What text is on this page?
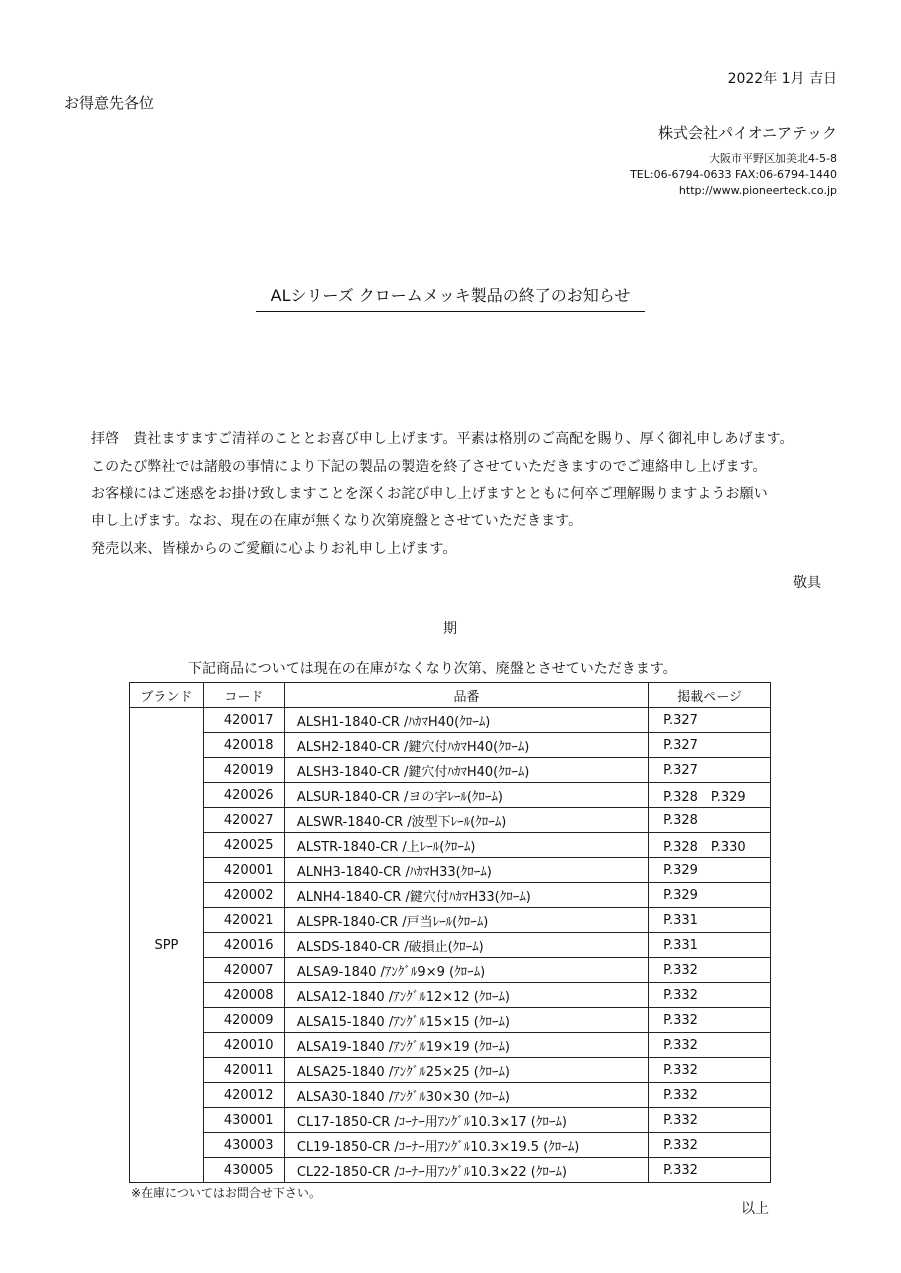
2022年 1月 吉日
お得意先各位
株式会社パイオニアテック
大阪市平野区加美北4-5-8
TEL:06-6794-0633 FAX:06-6794-1440
http://www.pioneerteck.co.jp
ALシリーズ クロームメッキ製品の終了のお知らせ
拝啓　貴社ますますご清祥のこととお喜び申し上げます。平素は格別のご高配を賜り、厚く御礼申しあげます。
このたび弊社では諸般の事情により下記の製品の製造を終了させていただきますのでご連絡申し上げます。
お客様にはご迷惑をお掛け致しますことを深くお詫び申し上げますとともに何卒ご理解賜りますようお願い
申し上げます。なお、現在の在庫が無くなり次第廃盤とさせていただきます。
発売以来、皆様からのご愛顧に心よりお礼申し上げます。
敬具
期
下記商品については現在の在庫がなくなり次第、廃盤とさせていただきます。
ブランド	コード	品番	掲載ページ
SPP	420017	ALSH1-1840-CR /ﾊｶﾏH40(ｸﾛｰﾑ)	P.327
	420018	ALSH2-1840-CR /鍵穴付ﾊｶﾏH40(ｸﾛｰﾑ)	P.327
	420019	ALSH3-1840-CR /鍵穴付ﾊｶﾏH40(ｸﾛｰﾑ)	P.327
	420026	ALSUR-1840-CR /ヨの字ﾚｰﾙ(ｸﾛｰﾑ)	P.328　P.329
	420027	ALSWR-1840-CR /波型下ﾚｰﾙ(ｸﾛｰﾑ)	P.328
	420025	ALSTR-1840-CR /上ﾚｰﾙ(ｸﾛｰﾑ)	P.328　P.330
	420001	ALNH3-1840-CR /ﾊｶﾏH33(ｸﾛｰﾑ)	P.329
	420002	ALNH4-1840-CR /鍵穴付ﾊｶﾏH33(ｸﾛｰﾑ)	P.329
	420021	ALSPR-1840-CR /戸当ﾚｰﾙ(ｸﾛｰﾑ)	P.331
	420016	ALSDS-1840-CR /破損止(ｸﾛｰﾑ)	P.331
	420007	ALSA9-1840 /ｱﾝｸﾞﾙ9×9 (ｸﾛｰﾑ)	P.332
	420008	ALSA12-1840 /ｱﾝｸﾞﾙ12×12 (ｸﾛｰﾑ)	P.332
	420009	ALSA15-1840 /ｱﾝｸﾞﾙ15×15 (ｸﾛｰﾑ)	P.332
	420010	ALSA19-1840 /ｱﾝｸﾞﾙ19×19 (ｸﾛｰﾑ)	P.332
	420011	ALSA25-1840 /ｱﾝｸﾞﾙ25×25 (ｸﾛｰﾑ)	P.332
	420012	ALSA30-1840 /ｱﾝｸﾞﾙ30×30 (ｸﾛｰﾑ)	P.332
	430001	CL17-1850-CR /ｺｰﾅｰ用ｱﾝｸﾞﾙ10.3×17 (ｸﾛｰﾑ)	P.332
	430003	CL19-1850-CR /ｺｰﾅｰ用ｱﾝｸﾞﾙ10.3×19.5 (ｸﾛｰﾑ)	P.332
	430005	CL22-1850-CR /ｺｰﾅｰ用ｱﾝｸﾞﾙ10.3×22 (ｸﾛｰﾑ)	P.332
※在庫についてはお問合せ下さい。
以上
